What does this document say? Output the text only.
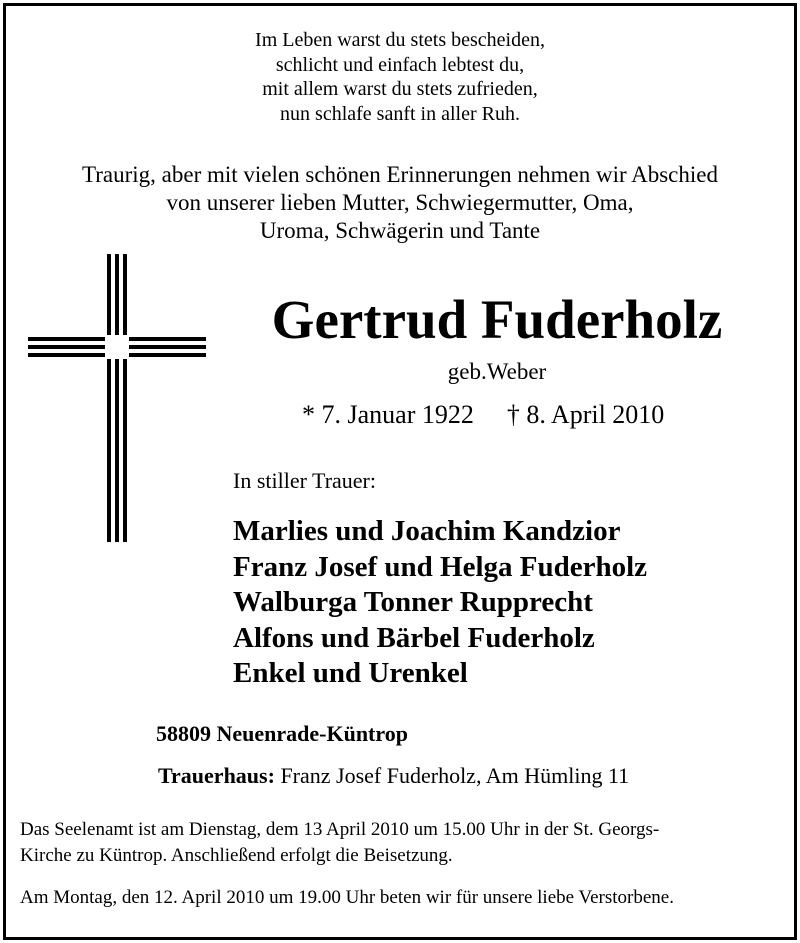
Im Leben warst du stets bescheiden,
schlicht und einfach lebtest du,
mit allem warst du stets zufrieden,
nun schlafe sanft in aller Ruh.
Traurig, aber mit vielen schönen Erinnerungen nehmen wir Abschied
von unserer lieben Mutter, Schwiegermutter, Oma,
Uroma, Schwägerin und Tante
Gertrud Fuderholz
geb.Weber
* 7. Januar 1922 † 8. April 2010
In stiller Trauer:
Marlies und Joachim Kandzior
Franz Josef und Helga Fuderholz
Walburga Tonner Rupprecht
Alfons und Bärbel Fuderholz
Enkel und Urenkel
58809 Neuenrade-Küntrop
Trauerhaus: Franz Josef Fuderholz, Am Hümling 11
Das Seelenamt ist am Dienstag, dem 13 April 2010 um 15.00 Uhr in der St. Georgs-
Kirche zu Küntrop. Anschließend erfolgt die Beisetzung.
Am Montag, den 12. April 2010 um 19.00 Uhr beten wir für unsere liebe Verstorbene.
